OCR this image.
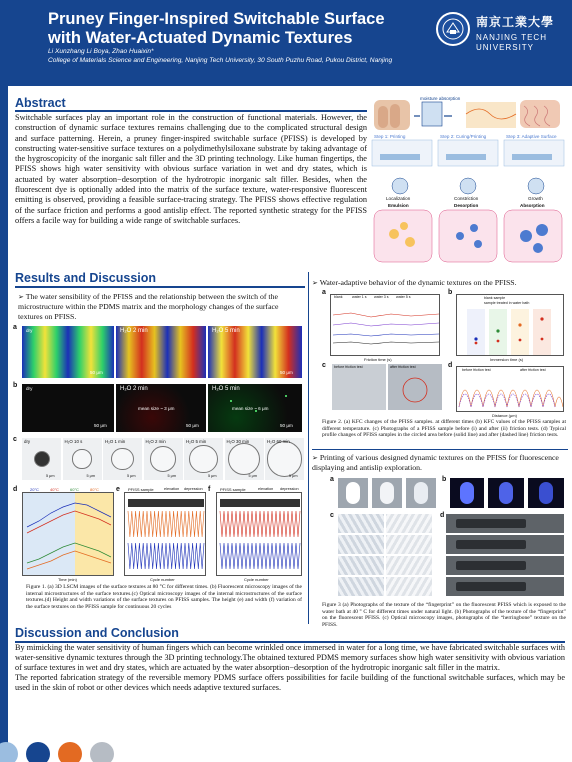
Pruney Finger-Inspired Switchable Surface with Water-Actuated Dynamic Textures
Li Xunzhang Li Boya, Zhao Huaixin*
College of Materials Science and Engineering, Nanjing Tech University, 30 South Puzhu Road, Pukou District, Nanjing
南京工業大學
NANJING TECH UNIVERSITY
Abstract
Switchable surfaces play an important role in the construction of functional materials. However, the construction of dynamic surface textures remains challenging due to the complicated structural design and surface patterning. Herein, a pruney finger-inspired switchable surface (PFISS) is developed by constructing water-sensitive surface textures on a polydimethylsiloxane substrate by taking advantage of the hygroscopicity of the inorganic salt filler and the 3D printing technology. Like human fingertips, the PFISS shows high water sensitivity with obvious surface variation in wet and dry states, which is actuated by water absorption−desorption of the hydrotropic inorganic salt filler. Besides, when the fluorescent dye is optionally added into the matrix of the surface texture, water-responsive fluorescent emitting is observed, providing a feasible surface-tracing strategy. The PFISS shows effective regulation of the surface friction and performs a good antislip effect. The reported synthetic strategy for the PFISS offers a facile way for building a wide range of switchable surfaces.
moisture absorption
Step 1: Printing	Step 2: Curing/Printing	Step 3: Adaptive Surface
Localization	Constriction	Growth
Emulsion	Desorption	Absorption
Results and Discussion
➢ The water sensibility of the PFISS and the relationship between the switch of the microstructure within the PDMS matrix and the morphology changes of the surface textures on PFISS.
a dry	H₂O 2 min	H₂O 5 min
50 μm	50 μm
b dry	H₂O 2 min	H₂O 5 min
mean size ~ 3 μm	mean size ~ 6 μm
50 μm	50 μm	50 μm
c dry
5 μm
H₂O 10 s
5 μm
H₂O 1 min
5 μm
H₂O 2 min
5 μm
H₂O 5 min
5 μm
H₂O 30 min
5 μm
H₂O 60 min
5 μm
d	20°C	40°C	60°C	80°C
Time (min)
e PFISS sample	elevation depression
Cycle number
f PFISS sample	elevation depression
Cycle number
Figure 1. (a) 3D LSCM images of the surface textures at 80 °C for different times. (b) Fluorescent microscopy images of the internal microstructures of the surface textures.(c) Optical microscopy images of the internal microstructures of the surface textures.(d) Height and width variations of the surface textures on PFISS samples. The height (e) and width (f) variation of the surface textures on the PFISS sample for continuous 20 cycles
➢ Water-adaptive behavior of the dynamic textures on the PFISS.
a
blank	water 1 s water 3 s water 5 s
Friction time (s)
b
blank sample
sample treated in water bath
Immersion time (s)
c before friction test	after friction test	d
before friction test	after friction test
Distance (μm)
Figure 2. (a) KFC changes of the PFISS samples. at different times (b) KFC values of the PFISS samples at different temperature. (c) Photographs of a PFISS sample before (i) and after (ii) friction tests. (d) Typical profile changes of PFISS samples in the circled area before (solid line) and after (dashed line) friction tests.
➢ Printing of various designed dynamic textures on the PFISS for fluorescence displaying and antislip exploration.
a	b
c	d
Figure 3 (a) Photographs of the texture of the “fingerprint” on the fluorescent PFISS which is exposed to the water bath at 40 ° C for different times under natural light. (b) Photographs of the texture of the “fingerprint” on the fluorescent PFISS. (c) Optical microscopy images, photographs of the “herringbone” texture on the PFISS.
Discussion and Conclusion

By mimicking the water sensitivity of human fingers which can become wrinkled once immersed in water for a long time, we have fabricated switchable surfaces with water-sensitive dynamic textures through the 3D printing technology.The obtained textured PDMS memory surfaces show high water sensitivity with obvious variation of surface textures in wet and dry states, which are actuated by the water absorption−desorption of the hydrotropic inorganic salt filler in the matrix.

The reported fabrication strategy of the reversible memory PDMS surface offers possibilities for facile building of the functional switchable surfaces, which may be used in the skin of robot or other devices which needs adaptive textured surfaces.
